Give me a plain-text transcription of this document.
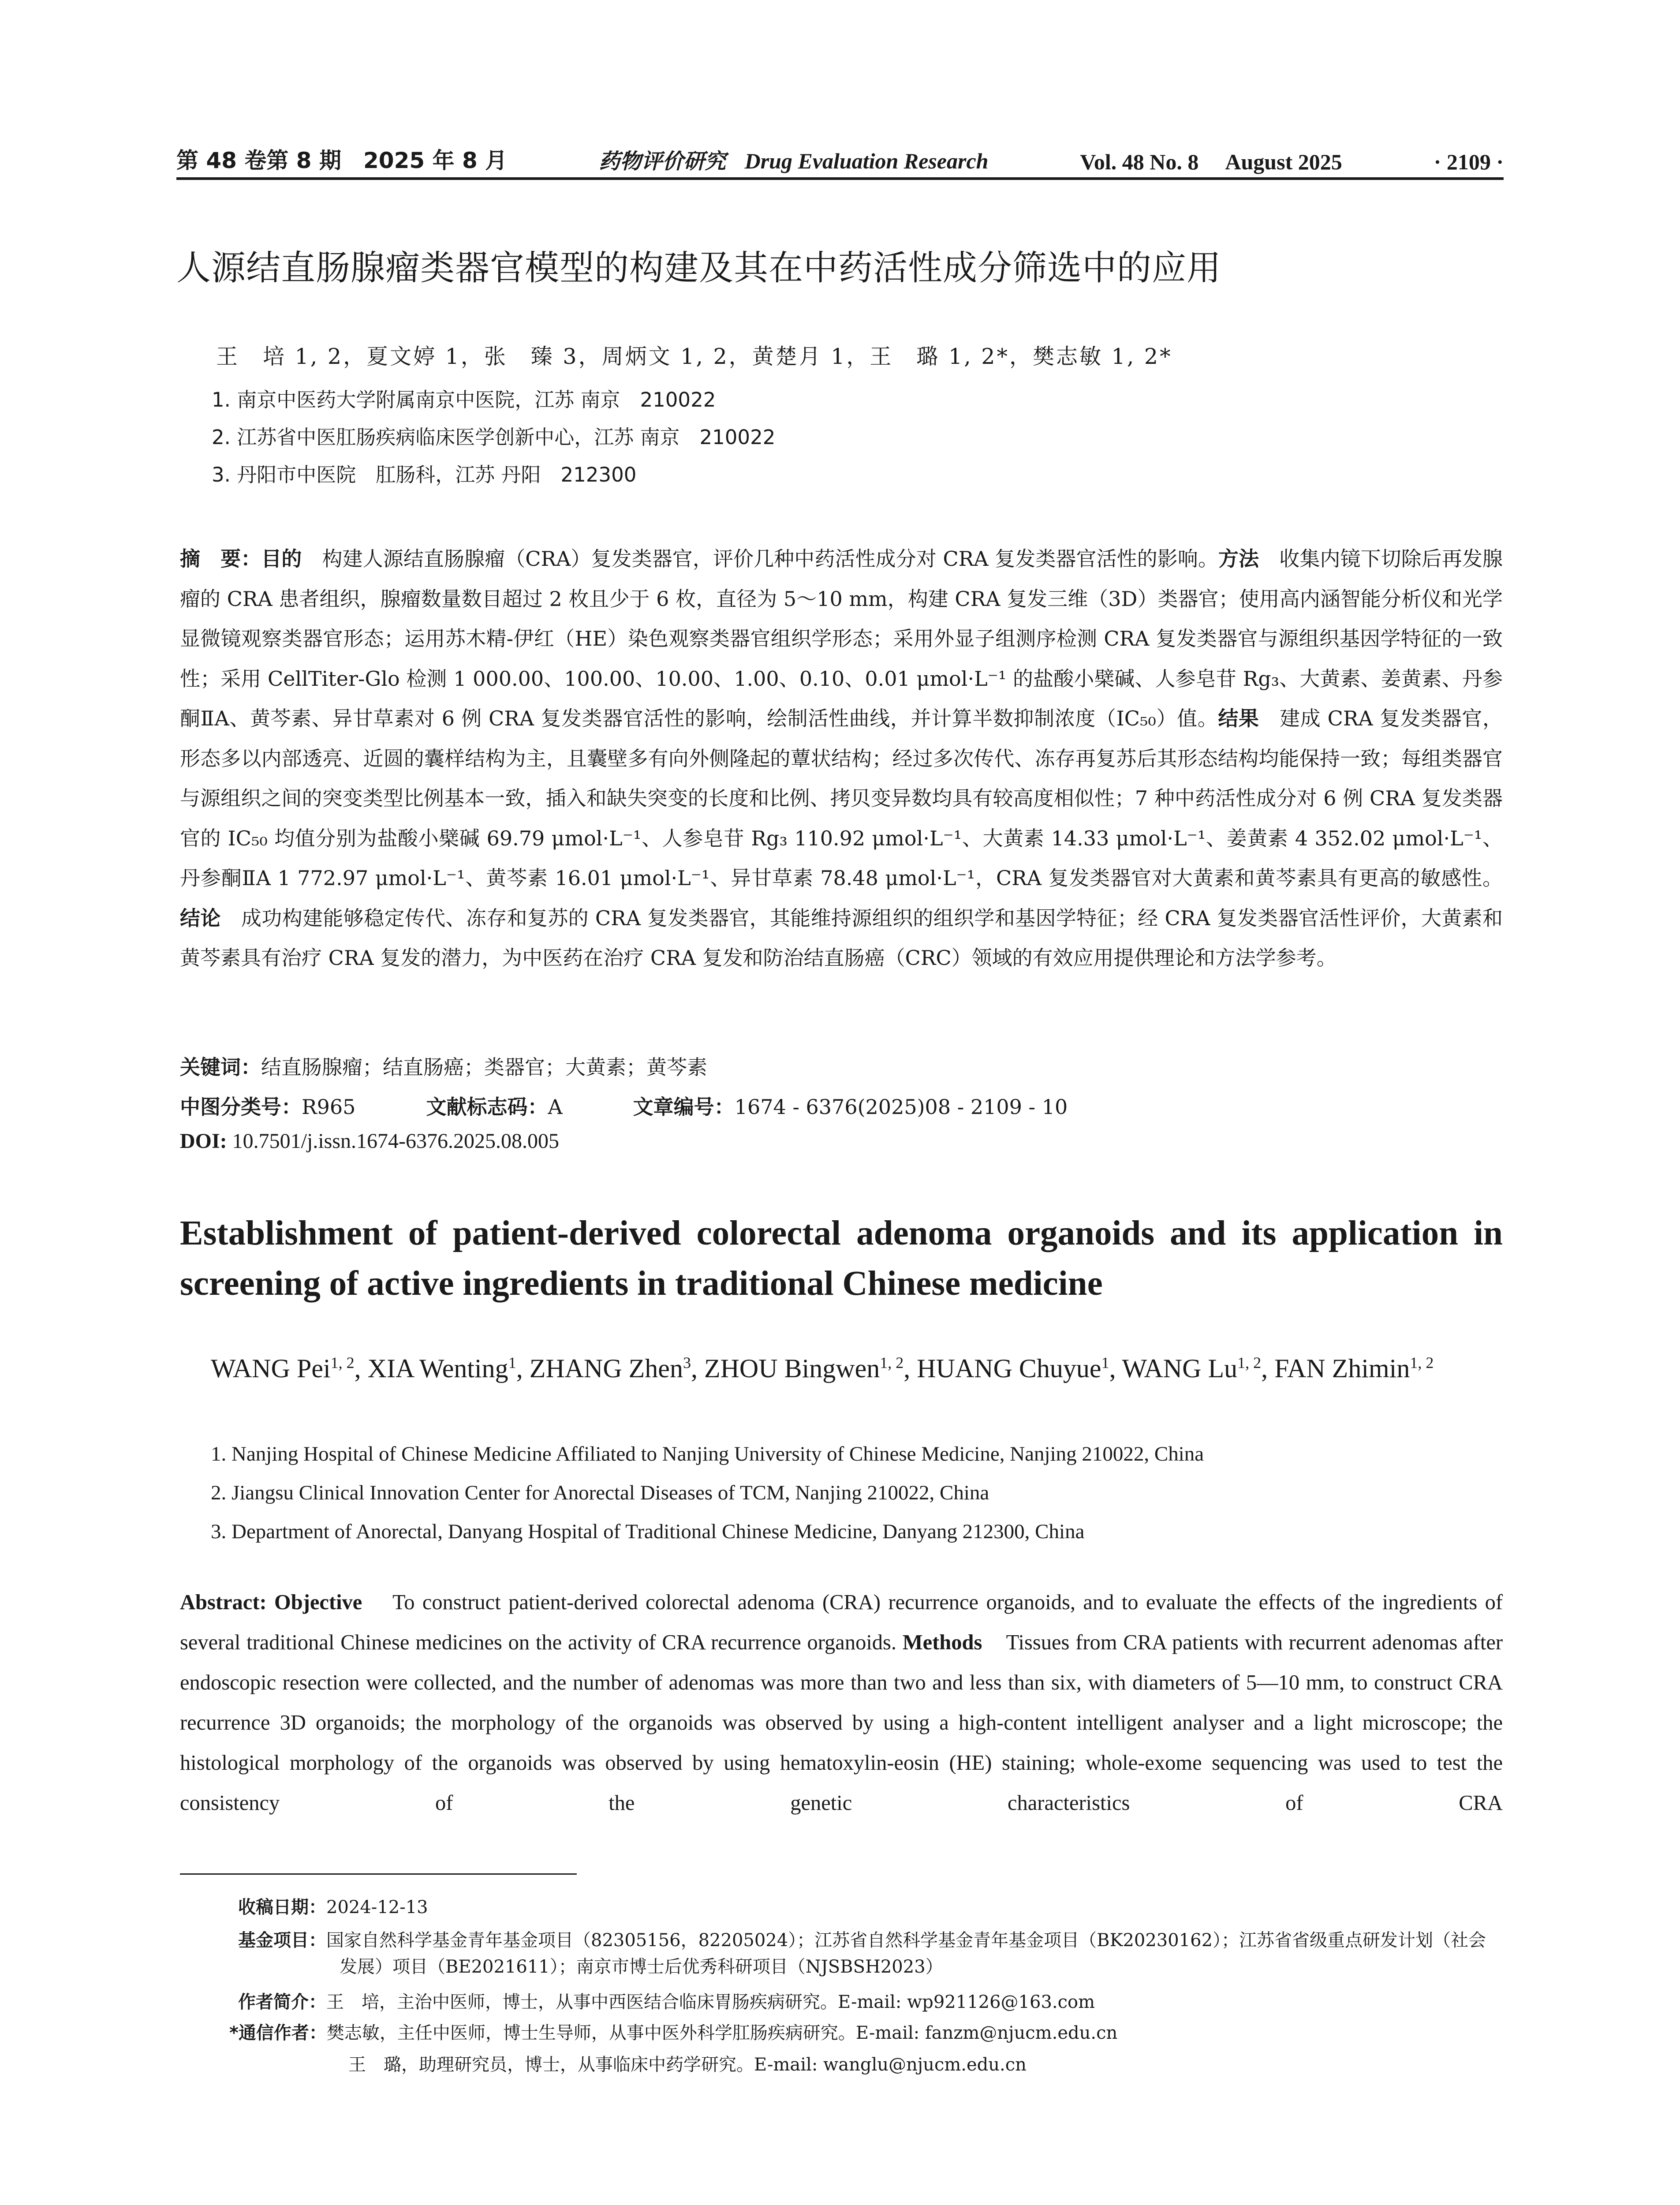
第 48 卷第 8 期　2025 年 8 月	药物评价研究 Drug Evaluation Research	Vol. 48 No. 8 August 2025	· 2109 ·
人源结直肠腺瘤类器官模型的构建及其在中药活性成分筛选中的应用
王　培 1, 2，夏文婷 1，张　臻 3，周炳文 1, 2，黄楚月 1，王　璐 1, 2*，樊志敏 1, 2*
1. 南京中医药大学附属南京中医院，江苏 南京　210022
2. 江苏省中医肛肠疾病临床医学创新中心，江苏 南京　210022
3. 丹阳市中医院　肛肠科，江苏 丹阳　212300
摘　要：目的　构建人源结直肠腺瘤（CRA）复发类器官，评价几种中药活性成分对 CRA 复发类器官活性的影响。方法　收集内镜下切除后再发腺瘤的 CRA 患者组织，腺瘤数量数目超过 2 枚且少于 6 枚，直径为 5～10 mm，构建 CRA 复发三维（3D）类器官；使用高内涵智能分析仪和光学显微镜观察类器官形态；运用苏木精-伊红（HE）染色观察类器官组织学形态；采用外显子组测序检测 CRA 复发类器官与源组织基因学特征的一致性；采用 CellTiter-Glo 检测 1 000.00、100.00、10.00、1.00、0.10、0.01 μmol·L⁻¹ 的盐酸小檗碱、人参皂苷 Rg₃、大黄素、姜黄素、丹参酮ⅡA、黄芩素、异甘草素对 6 例 CRA 复发类器官活性的影响，绘制活性曲线，并计算半数抑制浓度（IC₅₀）值。结果　建成 CRA 复发类器官，形态多以内部透亮、近圆的囊样结构为主，且囊壁多有向外侧隆起的蕈状结构；经过多次传代、冻存再复苏后其形态结构均能保持一致；每组类器官与源组织之间的突变类型比例基本一致，插入和缺失突变的长度和比例、拷贝变异数均具有较高度相似性；7 种中药活性成分对 6 例 CRA 复发类器官的 IC₅₀ 均值分别为盐酸小檗碱 69.79 μmol·L⁻¹、人参皂苷 Rg₃ 110.92 μmol·L⁻¹、大黄素 14.33 μmol·L⁻¹、姜黄素 4 352.02 μmol·L⁻¹、丹参酮ⅡA 1 772.97 μmol·L⁻¹、黄芩素 16.01 μmol·L⁻¹、异甘草素 78.48 μmol·L⁻¹，CRA 复发类器官对大黄素和黄芩素具有更高的敏感性。结论　成功构建能够稳定传代、冻存和复苏的 CRA 复发类器官，其能维持源组织的组织学和基因学特征；经 CRA 复发类器官活性评价，大黄素和黄芩素具有治疗 CRA 复发的潜力，为中医药在治疗 CRA 复发和防治结直肠癌（CRC）领域的有效应用提供理论和方法学参考。
关键词：结直肠腺瘤；结直肠癌；类器官；大黄素；黄芩素
中图分类号：R965	文献标志码：A	文章编号：1674 - 6376(2025)08 - 2109 - 10
DOI: 10.7501/j.issn.1674-6376.2025.08.005
Establishment of patient-derived colorectal adenoma organoids and its application in screening of active ingredients in traditional Chinese medicine
WANG Pei$^{1, 2}$, XIA Wenting$^1$, ZHANG Zhen$^3$, ZHOU Bingwen$^{1, 2}$, HUANG Chuyue$^1$, WANG Lu$^{1, 2}$, FAN Zhimin$^{1, 2}$
1. Nanjing Hospital of Chinese Medicine Affiliated to Nanjing University of Chinese Medicine, Nanjing 210022, China
2. Jiangsu Clinical Innovation Center for Anorectal Diseases of TCM, Nanjing 210022, China
3. Department of Anorectal, Danyang Hospital of Traditional Chinese Medicine, Danyang 212300, China
Abstract: Objective    To construct patient-derived colorectal adenoma (CRA) recurrence organoids, and to evaluate the effects of the ingredients of several traditional Chinese medicines on the activity of CRA recurrence organoids. Methods    Tissues from CRA patients with recurrent adenomas after endoscopic resection were collected, and the number of adenomas was more than two and less than six, with diameters of 5—10 mm, to construct CRA recurrence 3D organoids; the morphology of the organoids was observed by using a high-content intelligent analyser and a light microscope; the histological morphology of the organoids was observed by using hematoxylin-eosin (HE) staining; whole-exome sequencing was used to test the consistency of the genetic characteristics of CRA
收稿日期：2024-12-13
基金项目：国家自然科学基金青年基金项目（82305156，82205024）；江苏省自然科学基金青年基金项目（BK20230162）；江苏省省级重点研发计划（社会发展）项目（BE2021611）；南京市博士后优秀科研项目（NJSBSH2023）
作者简介：王　培，主治中医师，博士，从事中西医结合临床胃肠疾病研究。E-mail: wp921126@163.com
*通信作者：樊志敏，主任中医师，博士生导师，从事中医外科学肛肠疾病研究。E-mail: fanzm@njucm.edu.cn
王　璐，助理研究员，博士，从事临床中药学研究。E-mail: wanglu@njucm.edu.cn
